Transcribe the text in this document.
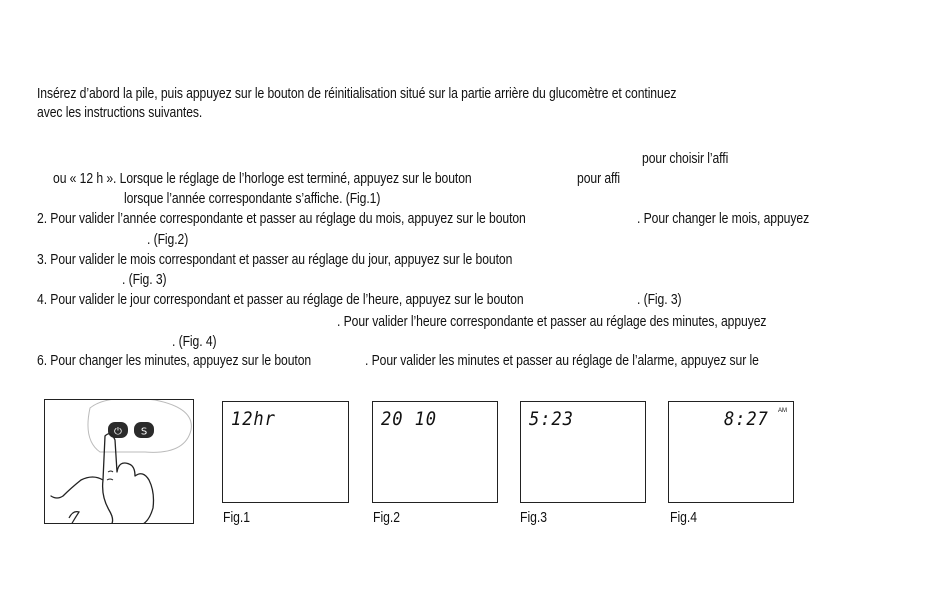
Insérez d’abord la pile, puis appuyez sur le bouton de réinitialisation situé sur la partie arrière du glucomètre et continuez
avec les instructions suivantes.
pour choisir l’affi
ou « 12 h ». Lorsque le réglage de l’horloge est terminé, appuyez sur le bouton	pour affi
lorsque l’année correspondante s’affiche. (Fig.1)
2. Pour valider l’année correspondante et passer au réglage du mois, appuyez sur le bouton	. Pour changer le mois, appuyez
. (Fig.2)
3. Pour valider le mois correspondant et passer au réglage du jour, appuyez sur le bouton
. (Fig. 3)
4. Pour valider le jour correspondant et passer au réglage de l’heure, appuyez sur le bouton	. (Fig. 3)
. Pour valider l’heure correspondante et passer au réglage des minutes, appuyez
. (Fig. 4)
6. Pour changer les minutes, appuyez sur le bouton	. Pour valider les minutes et passer au réglage de l’alarme, appuyez sur le
⏻ S
12hr
Fig.1
20 10
Fig.2
5:23
Fig.3
8:27 AM
Fig.4
